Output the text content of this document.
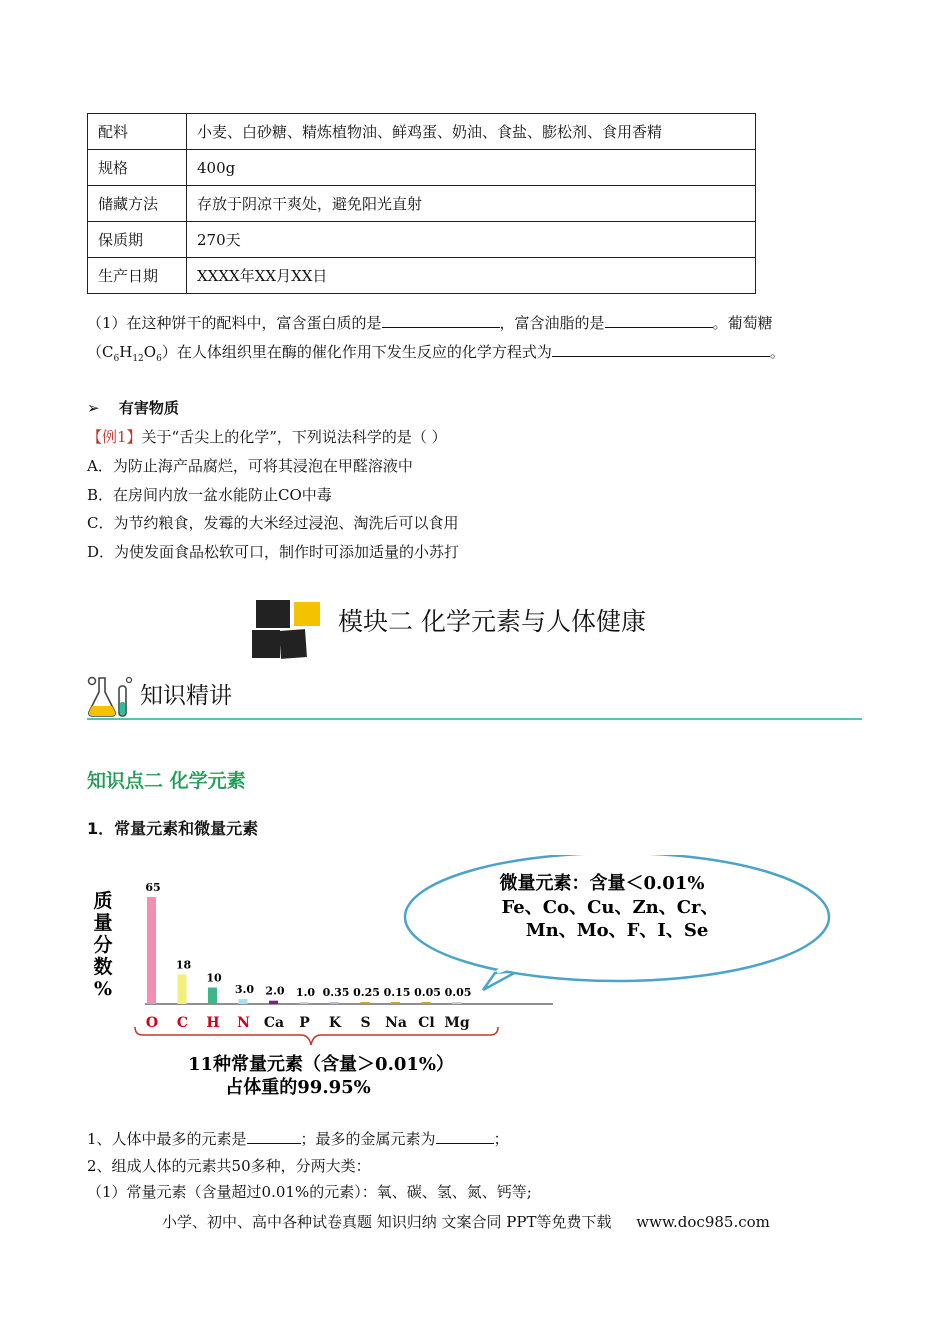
配料	小麦、白砂糖、精炼植物油、鲜鸡蛋、奶油、食盐、膨松剂、食用香精
规格	400g
储藏方法	存放于阴凉干爽处，避免阳光直射
保质期	270天
生产日期	XXXX年XX月XX日
（1）在这种饼干的配料中，富含蛋白质的是	，富含油脂的是	。葡萄糖
$(C_6H_{12}O_6)$在人体组织里在酶的催化作用下发生反应的化学方程式为	。
➢ 有害物质
【例1】关于“舌尖上的化学”，下列说法科学的是（ ）
A．为防止海产品腐烂，可将其浸泡在甲醛溶液中
B．在房间内放一盆水能防止CO中毒
C．为节约粮食，发霉的大米经过浸泡、淘洗后可以食用
D．为使发面食品松软可口，制作时可添加适量的小苏打
模块二 化学元素与人体健康
知识精讲
知识点二 化学元素
1．常量元素和微量元素
质
量
分
数
%
65
18
10
3.0 2.0 1.0 0.35 0.25 0.15 0.05 0.05
O C H N Ca P K S Na Cl Mg
11种常量元素（含量＞0.01%）
占体重的99.95%
微量元素：含量＜0.01%
Fe、Co、Cu、Zn、Cr、
Mn、Mo、F、I、Se
1、人体中最多的元素是	；最多的金属元素为	；
2、组成人体的元素共50多种，分两大类：
（1）常量元素（含量超过0.01%的元素）：氧、碳、氢、氮、钙等;
小学、初中、高中各种试卷真题 知识归纳 文案合同 PPT等免费下载 www.doc985.com
